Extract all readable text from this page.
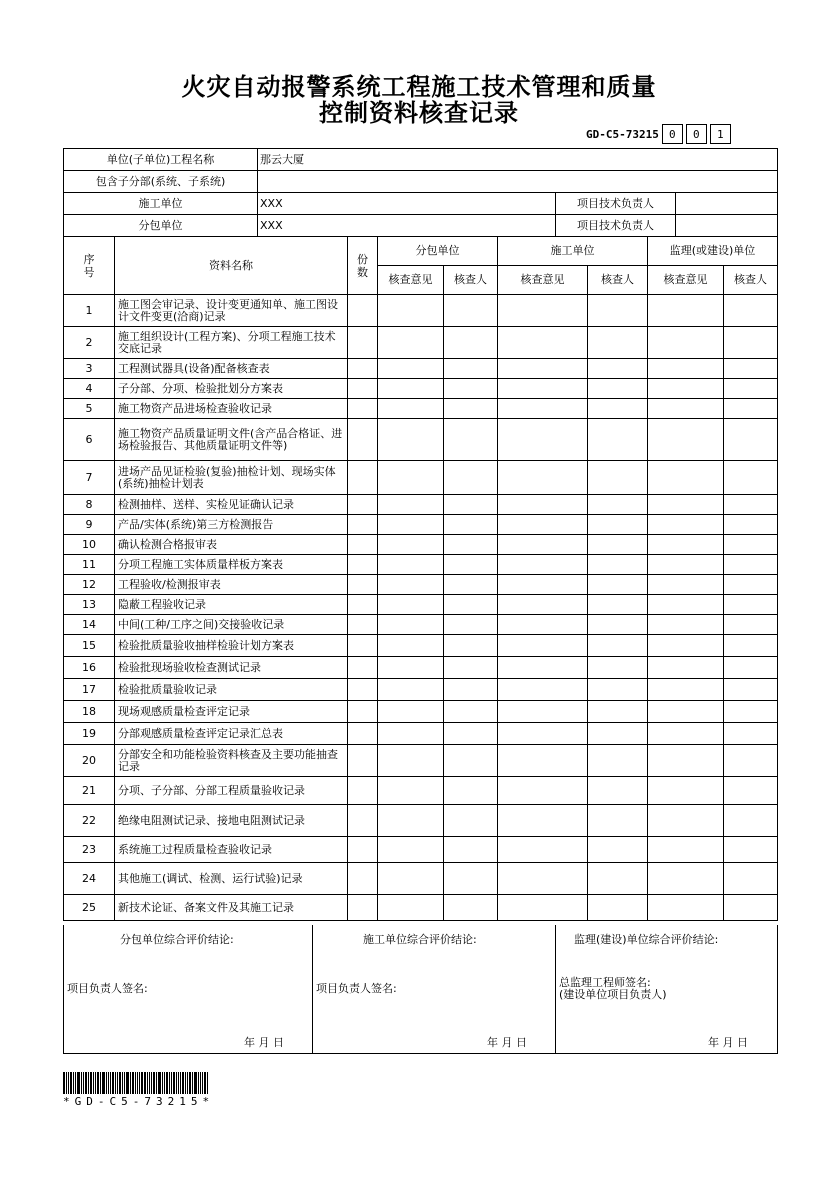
火灾自动报警系统工程施工技术管理和质量
控制资料核查记录
GD-C5-73215 0	0	1
单位(子单位)工程名称	那云大厦		
包含子分部(系统、子系统)			
施工单位	XXX	项目技术负责人	
分包单位	XXX	项目技术负责人	
序号	资料名称	份数	分包单位		施工单位		监理(或建设)单位	
			核查意见	核查人	核查意见	核查人	核查意见	核查人
1	施工图会审记录、设计变更通知单、施工图设计文件变更(洽商)记录							
2	施工组织设计(工程方案)、分项工程施工技术交底记录							
3	工程测试器具(设备)配备核查表							
4	子分部、分项、检验批划分方案表							
5	施工物资产品进场检查验收记录							
6	施工物资产品质量证明文件(含产品合格证、进场检验报告、其他质量证明文件等)							
7	进场产品见证检验(复验)抽检计划、现场实体(系统)抽检计划表							
8	检测抽样、送样、实检见证确认记录							
9	产品/实体(系统)第三方检测报告							
10	确认检测合格报审表							
11	分项工程施工实体质量样板方案表							
12	工程验收/检测报审表							
13	隐蔽工程验收记录							
14	中间(工种/工序之间)交接验收记录							
15	检验批质量验收抽样检验计划方案表							
16	检验批现场验收检查测试记录							
17	检验批质量验收记录							
18	现场观感质量检查评定记录							
19	分部观感质量检查评定记录汇总表							
20	分部安全和功能检验资料核查及主要功能抽查记录							
21	分项、子分部、分部工程质量验收记录							
22	绝缘电阻测试记录、接地电阻测试记录							
23	系统施工过程质量检查验收记录							
24	其他施工(调试、检测、运行试验)记录							
25	新技术论证、备案文件及其施工记录							
分包单位综合评价结论:
项目负责人签名:
年 月 日
施工单位综合评价结论:
项目负责人签名:
年 月 日
监理(建设)单位综合评价结论:
总监理工程师签名:
(建设单位项目负责人)
年 月 日
*GD-C5-73215*
